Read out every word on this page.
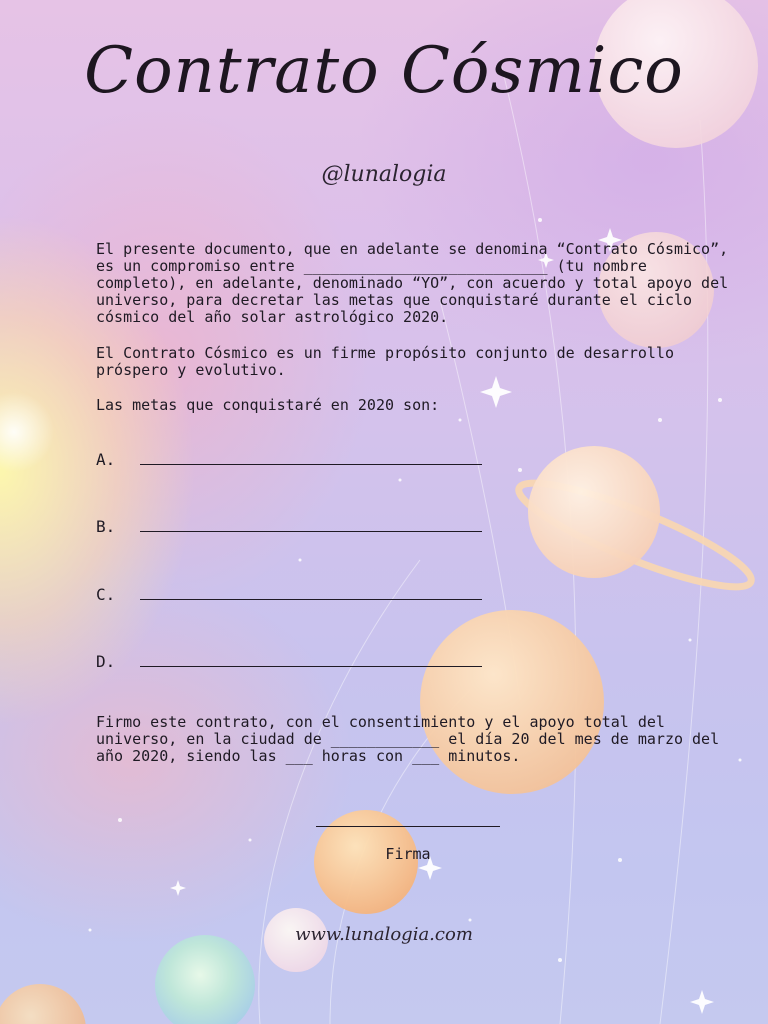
Contrato Cósmico
@lunalogia

El presente documento, que en adelante se denomina “Contrato Cósmico”, es un compromiso entre ___________________________ (tu nombre completo), en adelante, denominado “YO”, con acuerdo y total apoyo del universo, para decretar las metas que conquistaré durante el ciclo cósmico del año solar astrológico 2020.

El Contrato Cósmico es un firme propósito conjunto de desarrollo próspero y evolutivo.

Las metas que conquistaré en 2020 son:

A.
B.
C.
D.

Firmo este contrato, con el consentimiento y el apoyo total del universo, en la ciudad de ____________ el día 20 del mes de marzo del año 2020, siendo las ___ horas con ___ minutos.

Firma
www.lunalogia.com
